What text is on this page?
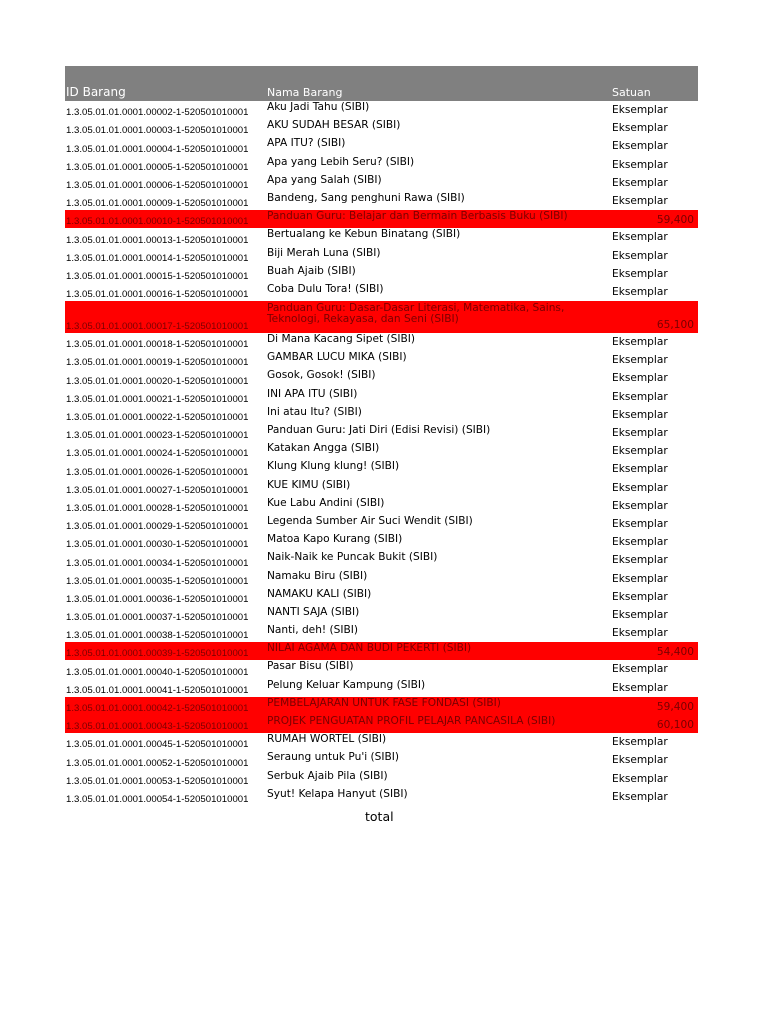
ID Barang	Nama Barang	Satuan
1.3.05.01.01.0001.00002-1-520501010001 Aku Jadi Tahu (SIBI)	Eksemplar
1.3.05.01.01.0001.00003-1-520501010001 AKU SUDAH BESAR (SIBI)	Eksemplar
1.3.05.01.01.0001.00004-1-520501010001 APA ITU? (SIBI)	Eksemplar
1.3.05.01.01.0001.00005-1-520501010001 Apa yang Lebih Seru? (SIBI)	Eksemplar
1.3.05.01.01.0001.00006-1-520501010001 Apa yang Salah (SIBI)	Eksemplar
1.3.05.01.01.0001.00009-1-520501010001 Bandeng, Sang penghuni Rawa (SIBI)	Eksemplar
1.3.05.01.01.0001.00010-1-520501010001 Panduan Guru: Belajar dan Bermain Berbasis Buku (SIBI)	59,400
1.3.05.01.01.0001.00013-1-520501010001 Bertualang ke Kebun Binatang (SIBI)	Eksemplar
1.3.05.01.01.0001.00014-1-520501010001 Biji Merah Luna (SIBI)	Eksemplar
1.3.05.01.01.0001.00015-1-520501010001 Buah Ajaib (SIBI)	Eksemplar
1.3.05.01.01.0001.00016-1-520501010001 Coba Dulu Tora! (SIBI)	Eksemplar
1.3.05.01.01.0001.00017-1-520501010001
Panduan Guru: Dasar-Dasar Literasi, Matematika, Sains, Teknologi, Rekayasa, dan Seni (SIBI)	65,100
1.3.05.01.01.0001.00018-1-520501010001 Di Mana Kacang Sipet (SIBI)	Eksemplar
1.3.05.01.01.0001.00019-1-520501010001 GAMBAR LUCU MIKA (SIBI)	Eksemplar
1.3.05.01.01.0001.00020-1-520501010001 Gosok, Gosok! (SIBI)	Eksemplar
1.3.05.01.01.0001.00021-1-520501010001 INI APA ITU (SIBI)	Eksemplar
1.3.05.01.01.0001.00022-1-520501010001 Ini atau Itu? (SIBI)	Eksemplar
1.3.05.01.01.0001.00023-1-520501010001 Panduan Guru: Jati Diri (Edisi Revisi) (SIBI)	Eksemplar
1.3.05.01.01.0001.00024-1-520501010001 Katakan Angga (SIBI)	Eksemplar
1.3.05.01.01.0001.00026-1-520501010001 Klung Klung klung! (SIBI)	Eksemplar
1.3.05.01.01.0001.00027-1-520501010001 KUE KIMU (SIBI)	Eksemplar
1.3.05.01.01.0001.00028-1-520501010001 Kue Labu Andini (SIBI)	Eksemplar
1.3.05.01.01.0001.00029-1-520501010001 Legenda Sumber Air Suci Wendit (SIBI)	Eksemplar
1.3.05.01.01.0001.00030-1-520501010001 Matoa Kapo Kurang (SIBI)	Eksemplar
1.3.05.01.01.0001.00034-1-520501010001 Naik-Naik ke Puncak Bukit (SIBI)	Eksemplar
1.3.05.01.01.0001.00035-1-520501010001 Namaku Biru (SIBI)	Eksemplar
1.3.05.01.01.0001.00036-1-520501010001 NAMAKU KALI (SIBI)	Eksemplar
1.3.05.01.01.0001.00037-1-520501010001 NANTI SAJA (SIBI)	Eksemplar
1.3.05.01.01.0001.00038-1-520501010001 Nanti, deh! (SIBI)	Eksemplar
1.3.05.01.01.0001.00039-1-520501010001 NILAI AGAMA DAN BUDI PEKERTI (SIBI)	54,400
1.3.05.01.01.0001.00040-1-520501010001 Pasar Bisu (SIBI)	Eksemplar
1.3.05.01.01.0001.00041-1-520501010001 Pelung Keluar Kampung (SIBI)	Eksemplar
1.3.05.01.01.0001.00042-1-520501010001 PEMBELAJARAN UNTUK FASE FONDASI (SIBI)	59,400
1.3.05.01.01.0001.00043-1-520501010001 PROJEK PENGUATAN PROFIL PELAJAR PANCASILA (SIBI)	60,100
1.3.05.01.01.0001.00045-1-520501010001 RUMAH WORTEL (SIBI)	Eksemplar
1.3.05.01.01.0001.00052-1-520501010001 Seraung untuk Pu'i (SIBI)	Eksemplar
1.3.05.01.01.0001.00053-1-520501010001 Serbuk Ajaib Pila (SIBI)	Eksemplar
1.3.05.01.01.0001.00054-1-520501010001 Syut! Kelapa Hanyut (SIBI)	Eksemplar
total
